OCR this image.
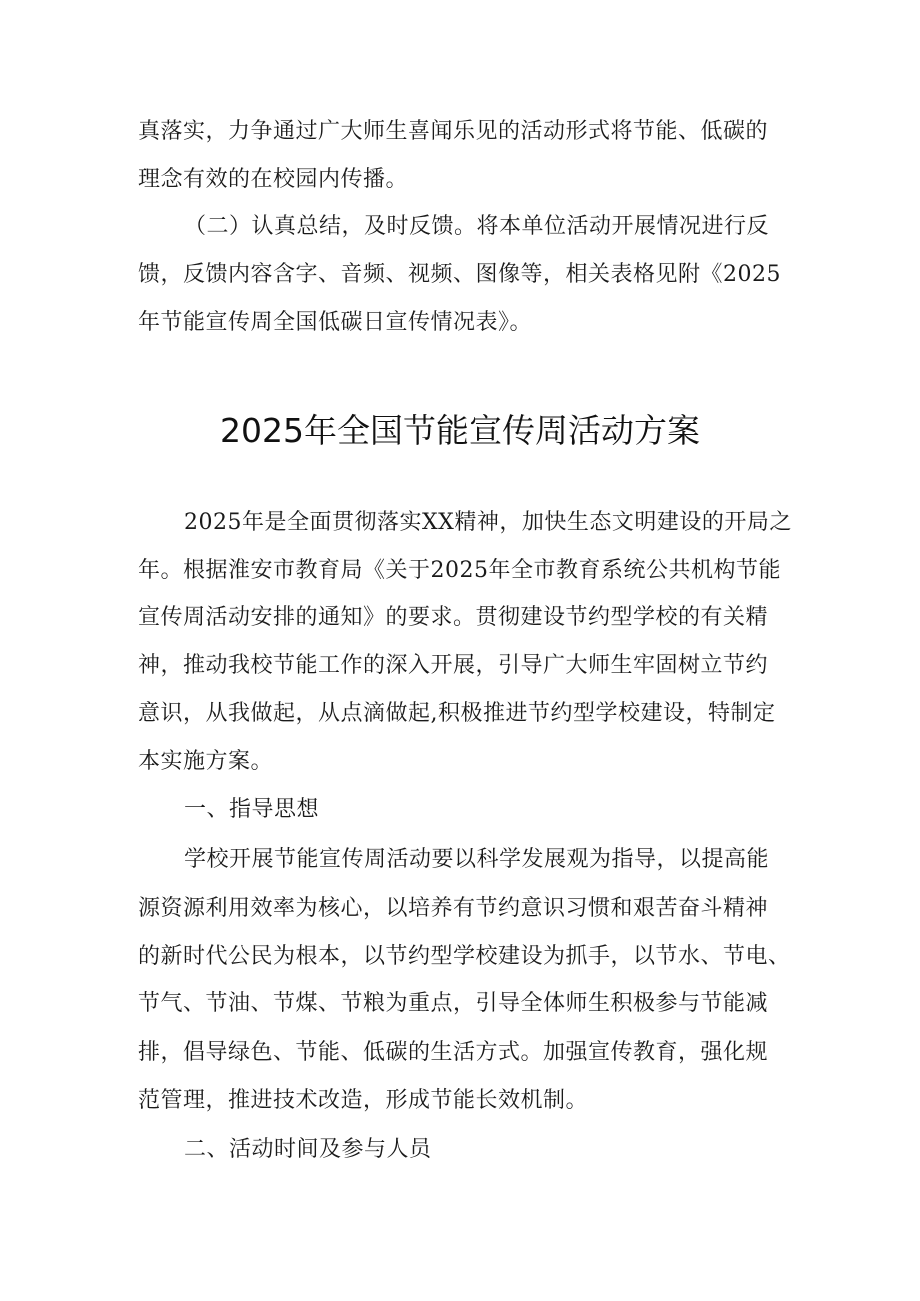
真落实，力争通过广大师生喜闻乐见的活动形式将节能、低碳的
理念有效的在校园内传播。
（二）认真总结，及时反馈。将本单位活动开展情况进行反
馈，反馈内容含字、音频、视频、图像等，相关表格见附《2025
年节能宣传周全国低碳日宣传情况表》。
2025年全国节能宣传周活动方案
2025年是全面贯彻落实XX精神，加快生态文明建设的开局之
年。根据淮安市教育局《关于2025年全市教育系统公共机构节能
宣传周活动安排的通知》的要求。贯彻建设节约型学校的有关精
神，推动我校节能工作的深入开展，引导广大师生牢固树立节约
意识，从我做起，从点滴做起,积极推进节约型学校建设，特制定
本实施方案。
一、指导思想
学校开展节能宣传周活动要以科学发展观为指导，以提高能
源资源利用效率为核心，以培养有节约意识习惯和艰苦奋斗精神
的新时代公民为根本，以节约型学校建设为抓手，以节水、节电、
节气、节油、节煤、节粮为重点，引导全体师生积极参与节能减
排，倡导绿色、节能、低碳的生活方式。加强宣传教育，强化规
范管理，推进技术改造，形成节能长效机制。
二、活动时间及参与人员
